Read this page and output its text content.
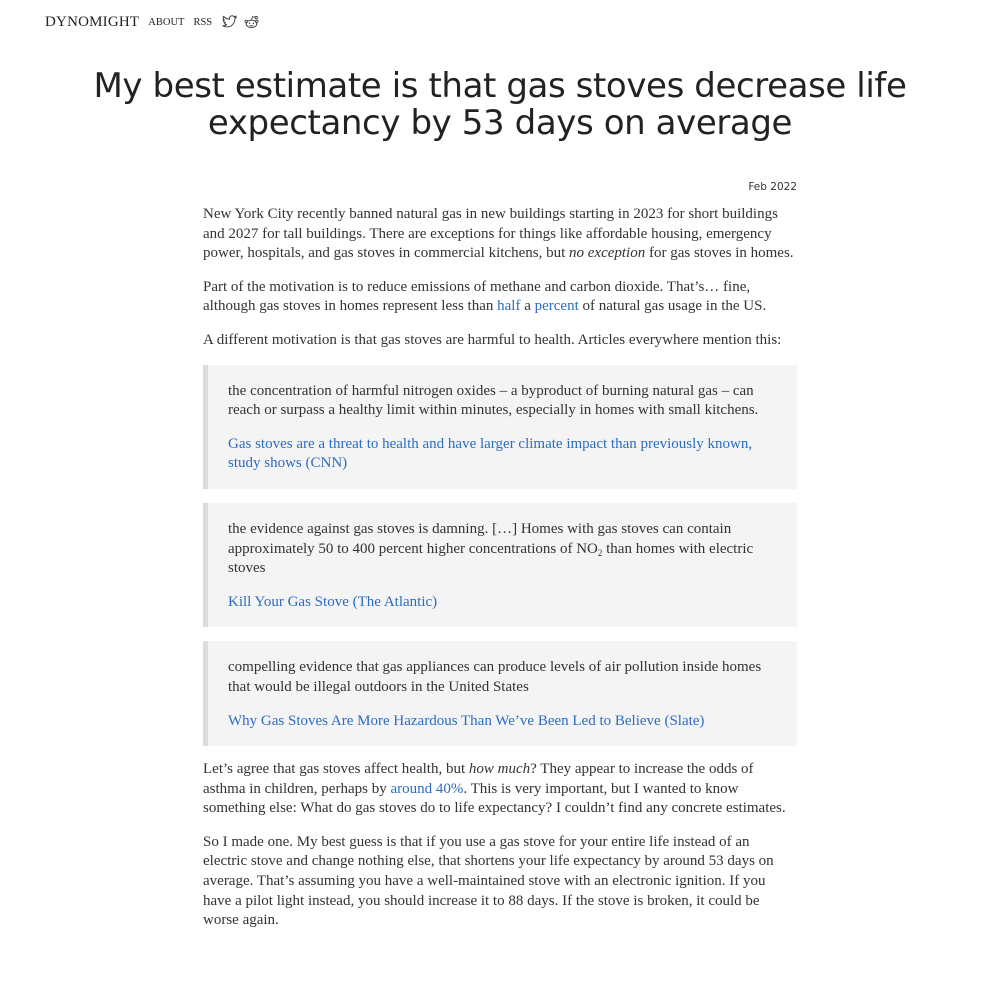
DYNOMIGHT ABOUT RSS
My best estimate is that gas stoves decrease life expectancy by 53 days on average
Feb 2022

New York City recently banned natural gas in new buildings starting in 2023 for short buildings and 2027 for tall buildings. There are exceptions for things like affordable housing, emergency power, hospitals, and gas stoves in commercial kitchens, but no exception for gas stoves in homes.

Part of the motivation is to reduce emissions of methane and carbon dioxide. That’s… fine, although gas stoves in homes represent less than half a percent of natural gas usage in the US.

A different motivation is that gas stoves are harmful to health. Articles everywhere mention this:

the concentration of harmful nitrogen oxides – a byproduct of burning natural gas – can reach or surpass a healthy limit within minutes, especially in homes with small kitchens.

Gas stoves are a threat to health and have larger climate impact than previously known, study shows (CNN)

the evidence against gas stoves is damning. […] Homes with gas stoves can contain approximately 50 to 400 percent higher concentrations of $NO_2$ than homes with electric stoves

Kill Your Gas Stove (The Atlantic)

compelling evidence that gas appliances can produce levels of air pollution inside homes that would be illegal outdoors in the United States

Why Gas Stoves Are More Hazardous Than We’ve Been Led to Believe (Slate)

Let’s agree that gas stoves affect health, but how much? They appear to increase the odds of asthma in children, perhaps by around 40%. This is very important, but I wanted to know something else: What do gas stoves do to life expectancy? I couldn’t find any concrete estimates.

So I made one. My best guess is that if you use a gas stove for your entire life instead of an electric stove and change nothing else, that shortens your life expectancy by around 53 days on average. That’s assuming you have a well-maintained stove with an electronic ignition. If you have a pilot light instead, you should increase it to 88 days. If the stove is broken, it could be worse again.
